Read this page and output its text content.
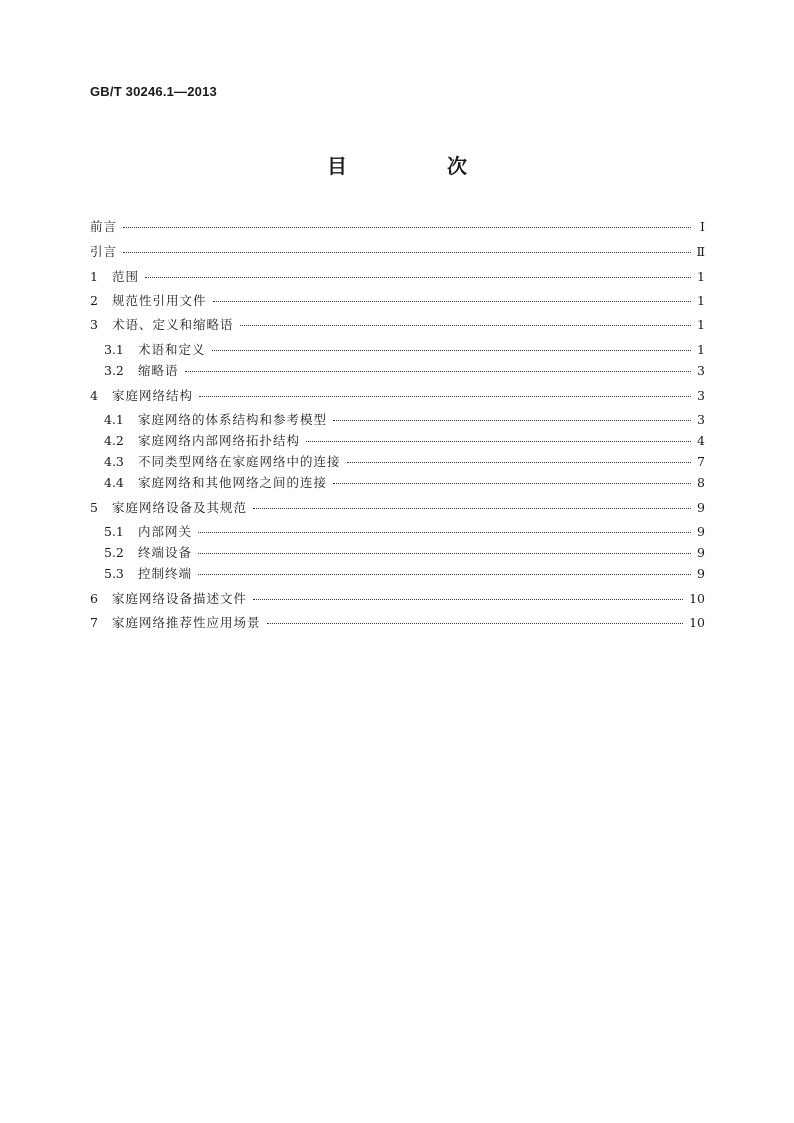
GB/T 30246.1—2013
目　次
前言	Ⅰ
引言	Ⅱ
1	范围	1
2	规范性引用文件	1
3	术语、定义和缩略语	1
3.1	术语和定义	1
3.2	缩略语	3
4	家庭网络结构	3
4.1	家庭网络的体系结构和参考模型	3
4.2	家庭网络内部网络拓扑结构	4
4.3	不同类型网络在家庭网络中的连接	7
4.4	家庭网络和其他网络之间的连接	8
5	家庭网络设备及其规范	9
5.1	内部网关	9
5.2	终端设备	9
5.3	控制终端	9
6	家庭网络设备描述文件	10
7	家庭网络推荐性应用场景	10
